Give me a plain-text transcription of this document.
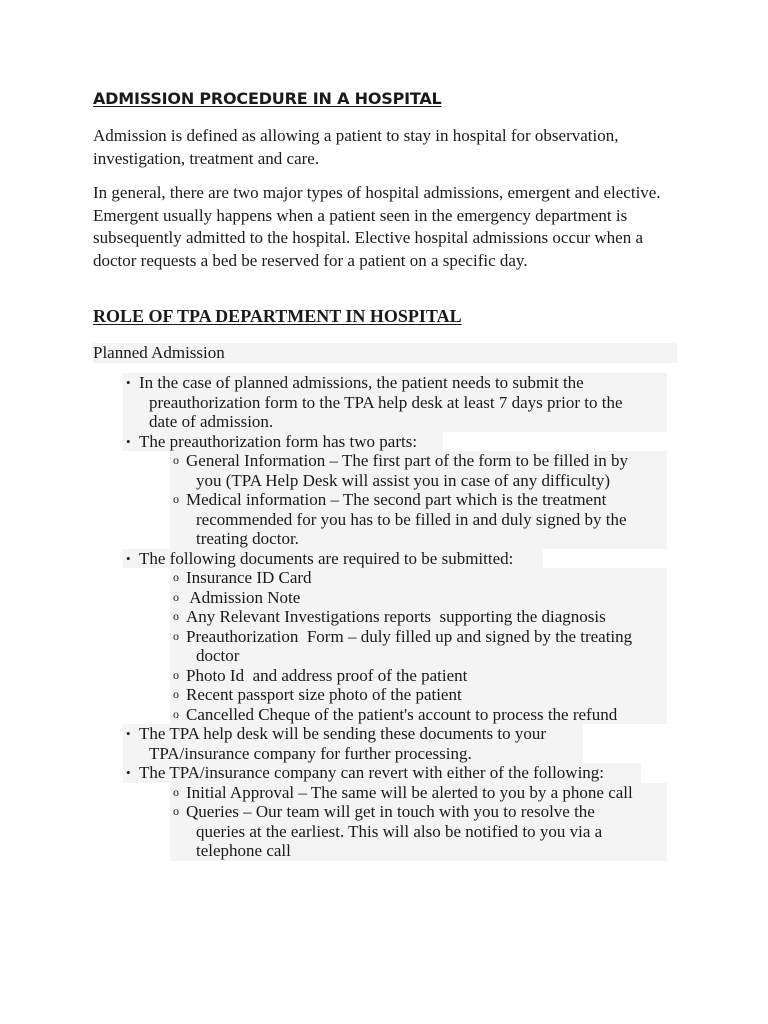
ADMISSION PROCEDURE IN A HOSPITAL

Admission is defined as allowing a patient to stay in hospital for observation, investigation, treatment and care.

In general, there are two major types of hospital admissions, emergent and elective. Emergent usually happens when a patient seen in the emergency department is subsequently admitted to the hospital. Elective hospital admissions occur when a doctor requests a bed be reserved for a patient on a specific day.

ROLE OF TPA DEPARTMENT IN HOSPITAL
Planned Admission
• In the case of planned admissions, the patient needs to submit the
preauthorization form to the TPA help desk at least 7 days prior to the
date of admission.
• The preauthorization form has two parts:
o General Information – The first part of the form to be filled in by
you (TPA Help Desk will assist you in case of any difficulty)
o Medical information – The second part which is the treatment
recommended for you has to be filled in and duly signed by the
treating doctor.
• The following documents are required to be submitted:
o Insurance ID Card
o Admission Note
o Any Relevant Investigations reports  supporting the diagnosis
o Preauthorization  Form – duly filled up and signed by the treating
doctor
o Photo Id  and address proof of the patient
o Recent passport size photo of the patient
o Cancelled Cheque of the patient's account to process the refund
• The TPA help desk will be sending these documents to your
TPA/insurance company for further processing.
• The TPA/insurance company can revert with either of the following:
o Initial Approval – The same will be alerted to you by a phone call
o Queries – Our team will get in touch with you to resolve the
queries at the earliest. This will also be notified to you via a
telephone call
